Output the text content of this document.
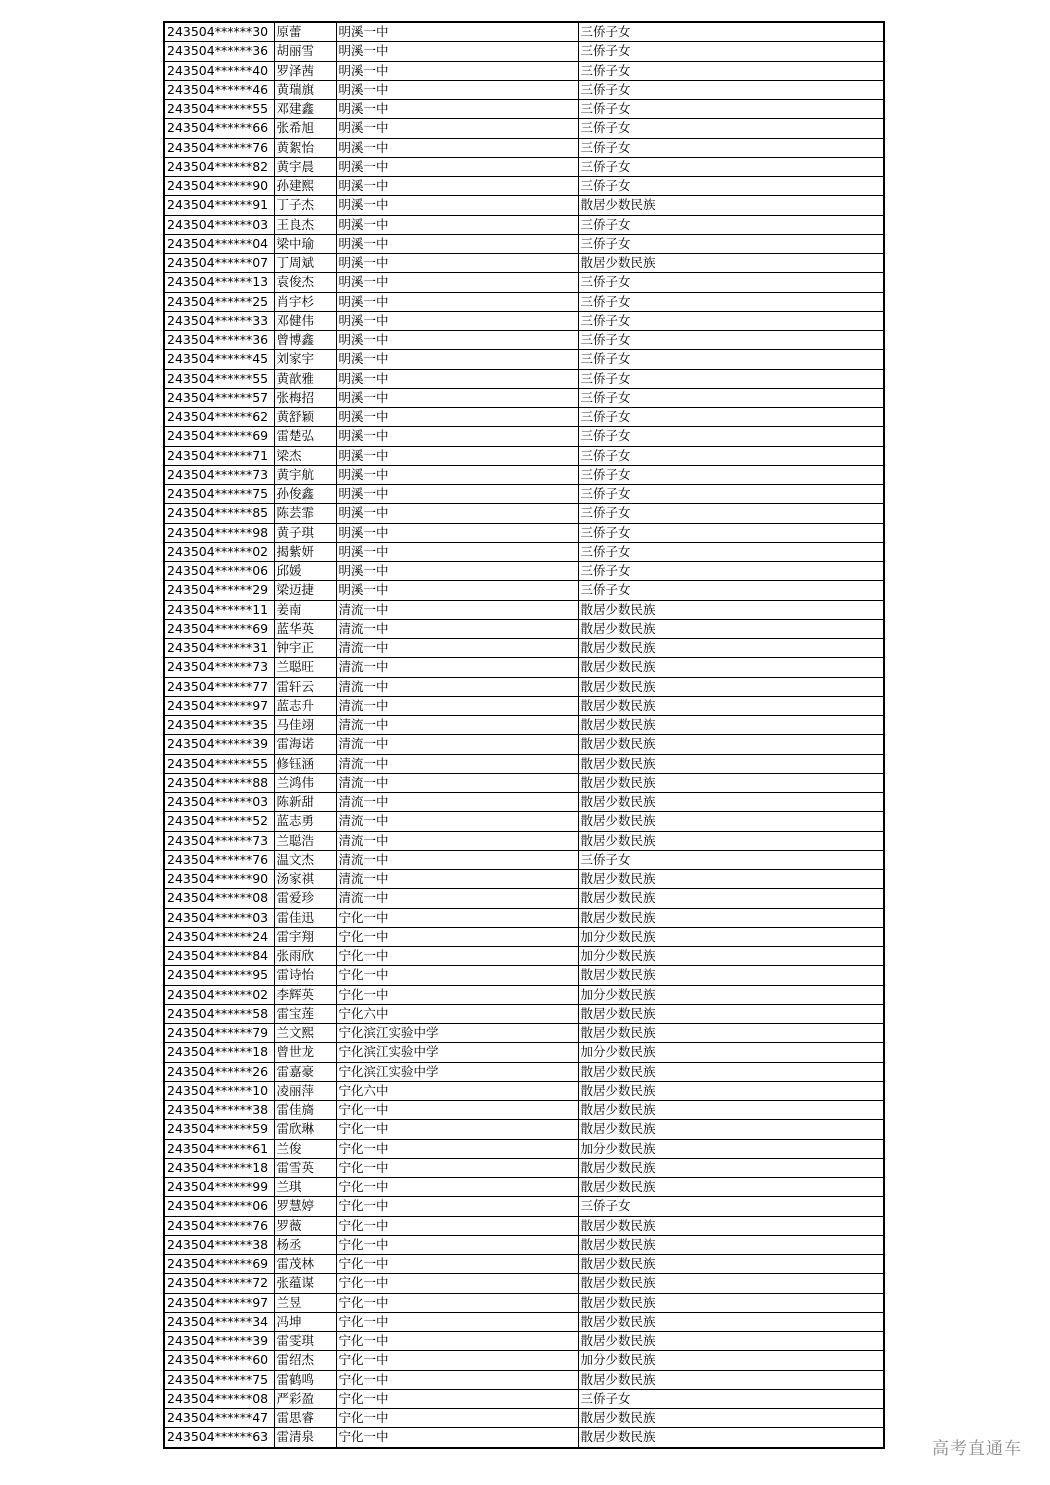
243504******30	原蕾	明溪一中	三侨子女
243504******36	胡丽雪	明溪一中	三侨子女
243504******40	罗泽茜	明溪一中	三侨子女
243504******46	黄瑞旗	明溪一中	三侨子女
243504******55	邓建鑫	明溪一中	三侨子女
243504******66	张希旭	明溪一中	三侨子女
243504******76	黄絮怡	明溪一中	三侨子女
243504******82	黄宇晨	明溪一中	三侨子女
243504******90	孙建熙	明溪一中	三侨子女
243504******91	丁子杰	明溪一中	散居少数民族
243504******03	王良杰	明溪一中	三侨子女
243504******04	梁中瑜	明溪一中	三侨子女
243504******07	丁周斌	明溪一中	散居少数民族
243504******13	袁俊杰	明溪一中	三侨子女
243504******25	肖宇杉	明溪一中	三侨子女
243504******33	邓健伟	明溪一中	三侨子女
243504******36	曾博鑫	明溪一中	三侨子女
243504******45	刘家宇	明溪一中	三侨子女
243504******55	黄歆雅	明溪一中	三侨子女
243504******57	张梅招	明溪一中	三侨子女
243504******62	黄舒颖	明溪一中	三侨子女
243504******69	雷楚弘	明溪一中	三侨子女
243504******71	梁杰	明溪一中	三侨子女
243504******73	黄宇航	明溪一中	三侨子女
243504******75	孙俊鑫	明溪一中	三侨子女
243504******85	陈芸霏	明溪一中	三侨子女
243504******98	黄子琪	明溪一中	三侨子女
243504******02	揭紫妍	明溪一中	三侨子女
243504******06	邱媛	明溪一中	三侨子女
243504******29	梁迈捷	明溪一中	三侨子女
243504******11	姜南	清流一中	散居少数民族
243504******69	蓝华英	清流一中	散居少数民族
243504******31	钟宇正	清流一中	散居少数民族
243504******73	兰聪旺	清流一中	散居少数民族
243504******77	雷轩云	清流一中	散居少数民族
243504******97	蓝志升	清流一中	散居少数民族
243504******35	马佳翊	清流一中	散居少数民族
243504******39	雷海诺	清流一中	散居少数民族
243504******55	修钰涵	清流一中	散居少数民族
243504******88	兰鸿伟	清流一中	散居少数民族
243504******03	陈新甜	清流一中	散居少数民族
243504******52	蓝志勇	清流一中	散居少数民族
243504******73	兰聪浩	清流一中	散居少数民族
243504******76	温文杰	清流一中	三侨子女
243504******90	汤家祺	清流一中	散居少数民族
243504******08	雷爱珍	清流一中	散居少数民族
243504******03	雷佳迅	宁化一中	散居少数民族
243504******24	雷宇翔	宁化一中	加分少数民族
243504******84	张雨欣	宁化一中	加分少数民族
243504******95	雷诗怡	宁化一中	散居少数民族
243504******02	李辉英	宁化一中	加分少数民族
243504******58	雷宝莲	宁化六中	散居少数民族
243504******79	兰文熙	宁化滨江实验中学	散居少数民族
243504******18	曾世龙	宁化滨江实验中学	加分少数民族
243504******26	雷嘉豪	宁化滨江实验中学	散居少数民族
243504******10	凌丽萍	宁化六中	散居少数民族
243504******38	雷佳旖	宁化一中	散居少数民族
243504******59	雷欣琳	宁化一中	散居少数民族
243504******61	兰俊	宁化一中	加分少数民族
243504******18	雷雪英	宁化一中	散居少数民族
243504******99	兰琪	宁化一中	散居少数民族
243504******06	罗慧婷	宁化一中	三侨子女
243504******76	罗薇	宁化一中	散居少数民族
243504******38	杨丞	宁化一中	散居少数民族
243504******69	雷茂林	宁化一中	散居少数民族
243504******72	张蕴谋	宁化一中	散居少数民族
243504******97	兰昱	宁化一中	散居少数民族
243504******34	冯坤	宁化一中	散居少数民族
243504******39	雷雯琪	宁化一中	散居少数民族
243504******60	雷绍杰	宁化一中	加分少数民族
243504******75	雷鹤鸣	宁化一中	散居少数民族
243504******08	严彩盈	宁化一中	三侨子女
243504******47	雷思睿	宁化一中	散居少数民族
243504******63	雷清泉	宁化一中	散居少数民族
高考直通车
